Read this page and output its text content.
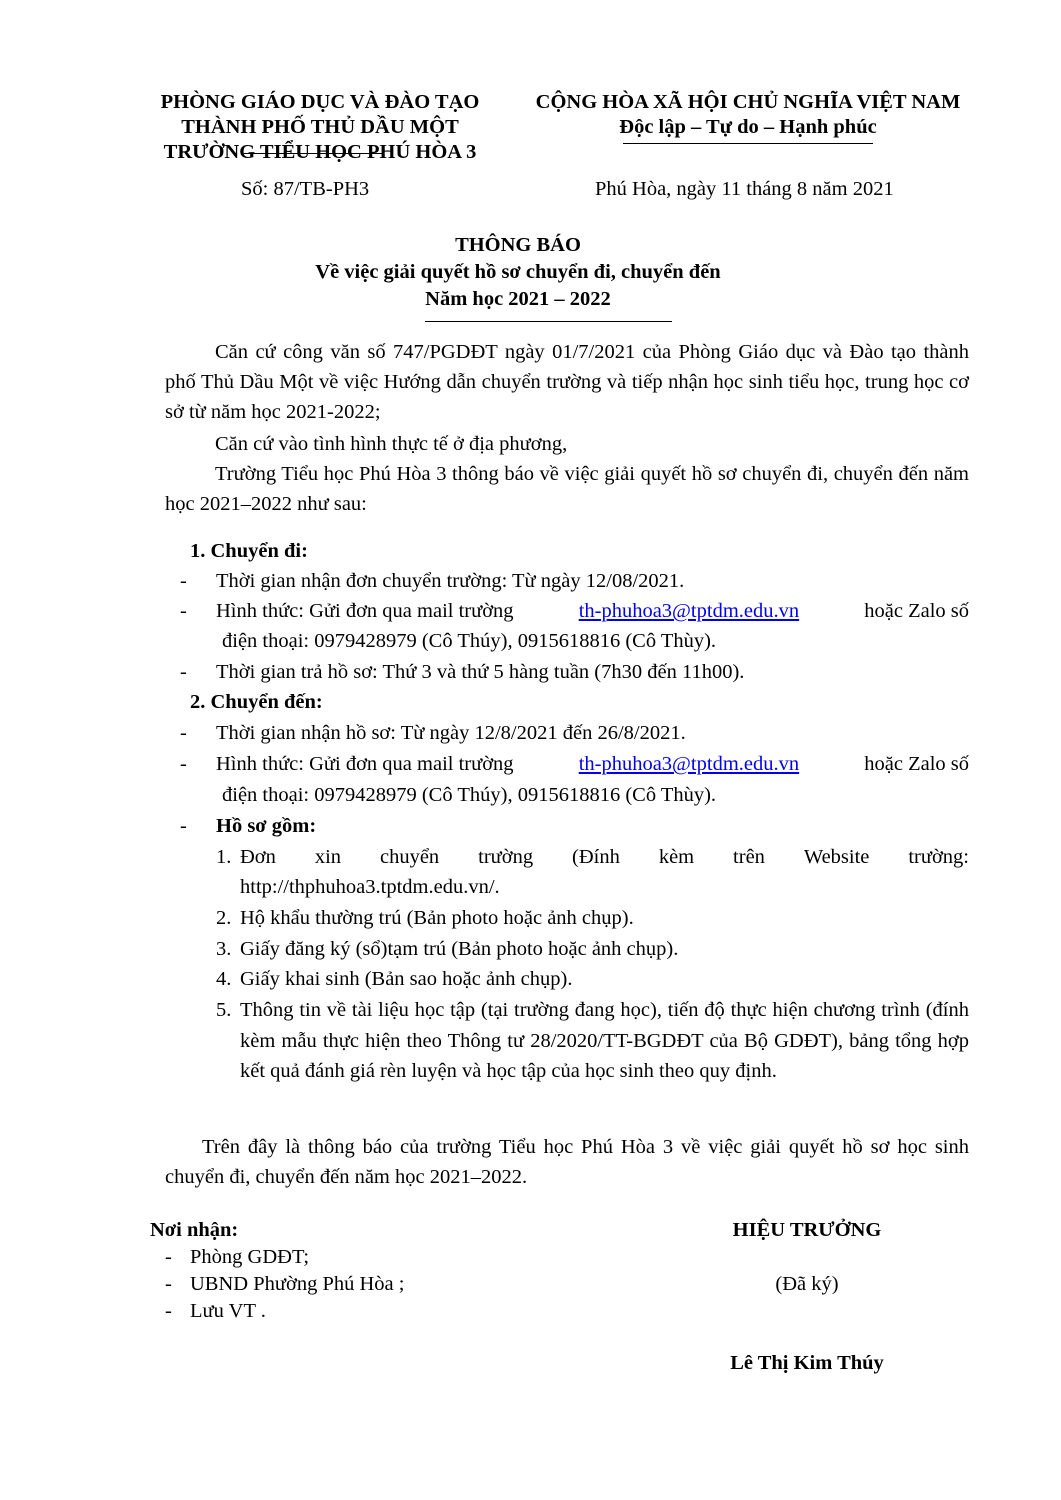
PHÒNG GIÁO DỤC VÀ ĐÀO TẠO
THÀNH PHỐ THỦ DẦU MỘT
TRƯỜNG TIỂU HỌC PHÚ HÒA 3
CỘNG HÒA XÃ HỘI CHỦ NGHĨA VIỆT NAM
Độc lập – Tự do – Hạnh phúc
Số: 87/TB-PH3	Phú Hòa, ngày 11 tháng 8 năm 2021
THÔNG BÁO
Về việc giải quyết hồ sơ chuyển đi, chuyển đến
Năm học 2021 – 2022
Căn cứ công văn số 747/PGDĐT ngày 01/7/2021 của Phòng Giáo dục và Đào tạo thành phố Thủ Dầu Một về việc Hướng dẫn chuyển trường và tiếp nhận học sinh tiểu học, trung học cơ sở từ năm học 2021-2022;
Căn cứ vào tình hình thực tế ở địa phương,
Trường Tiểu học Phú Hòa 3 thông báo về việc giải quyết hồ sơ chuyển đi, chuyển đến năm học 2021–2022 như sau:
1. Chuyển đi:
- Thời gian nhận đơn chuyển trường: Từ ngày 12/08/2021.
- Hình thức: Gửi đơn qua mail trường	th-phuhoa3@tptdm.edu.vn	hoặc Zalo số
điện thoại: 0979428979 (Cô Thúy), 0915618816 (Cô Thùy).
- Thời gian trả hồ sơ: Thứ 3 và thứ 5 hàng tuần (7h30 đến 11h00).
2. Chuyển đến:
- Thời gian nhận hồ sơ: Từ ngày 12/8/2021 đến 26/8/2021.
- Hình thức: Gửi đơn qua mail trường	th-phuhoa3@tptdm.edu.vn	hoặc Zalo số
điện thoại: 0979428979 (Cô Thúy), 0915618816 (Cô Thùy).
- Hồ sơ gồm:
1. Đơn xin chuyển trường (Đính kèm trên Website trường:
http://thphuhoa3.tptdm.edu.vn/.
2. Hộ khẩu thường trú (Bản photo hoặc ảnh chụp).
3. Giấy đăng ký (sổ)tạm trú (Bản photo hoặc ảnh chụp).
4. Giấy khai sinh (Bản sao hoặc ảnh chụp).
5. Thông tin về tài liệu học tập (tại trường đang học), tiến độ thực hiện chương trình (đính kèm mẫu thực hiện theo Thông tư 28/2020/TT-BGDĐT của Bộ GDĐT), bảng tổng hợp kết quả đánh giá rèn luyện và học tập của học sinh theo quy định.
Trên đây là thông báo của trường Tiểu học Phú Hòa 3 về việc giải quyết hồ sơ học sinh chuyển đi, chuyển đến năm học 2021–2022.
Nơi nhận:
- Phòng GDĐT;
- UBND Phường Phú Hòa ;
- Lưu VT .
HIỆU TRƯỞNG
(Đã ký)
Lê Thị Kim Thúy
